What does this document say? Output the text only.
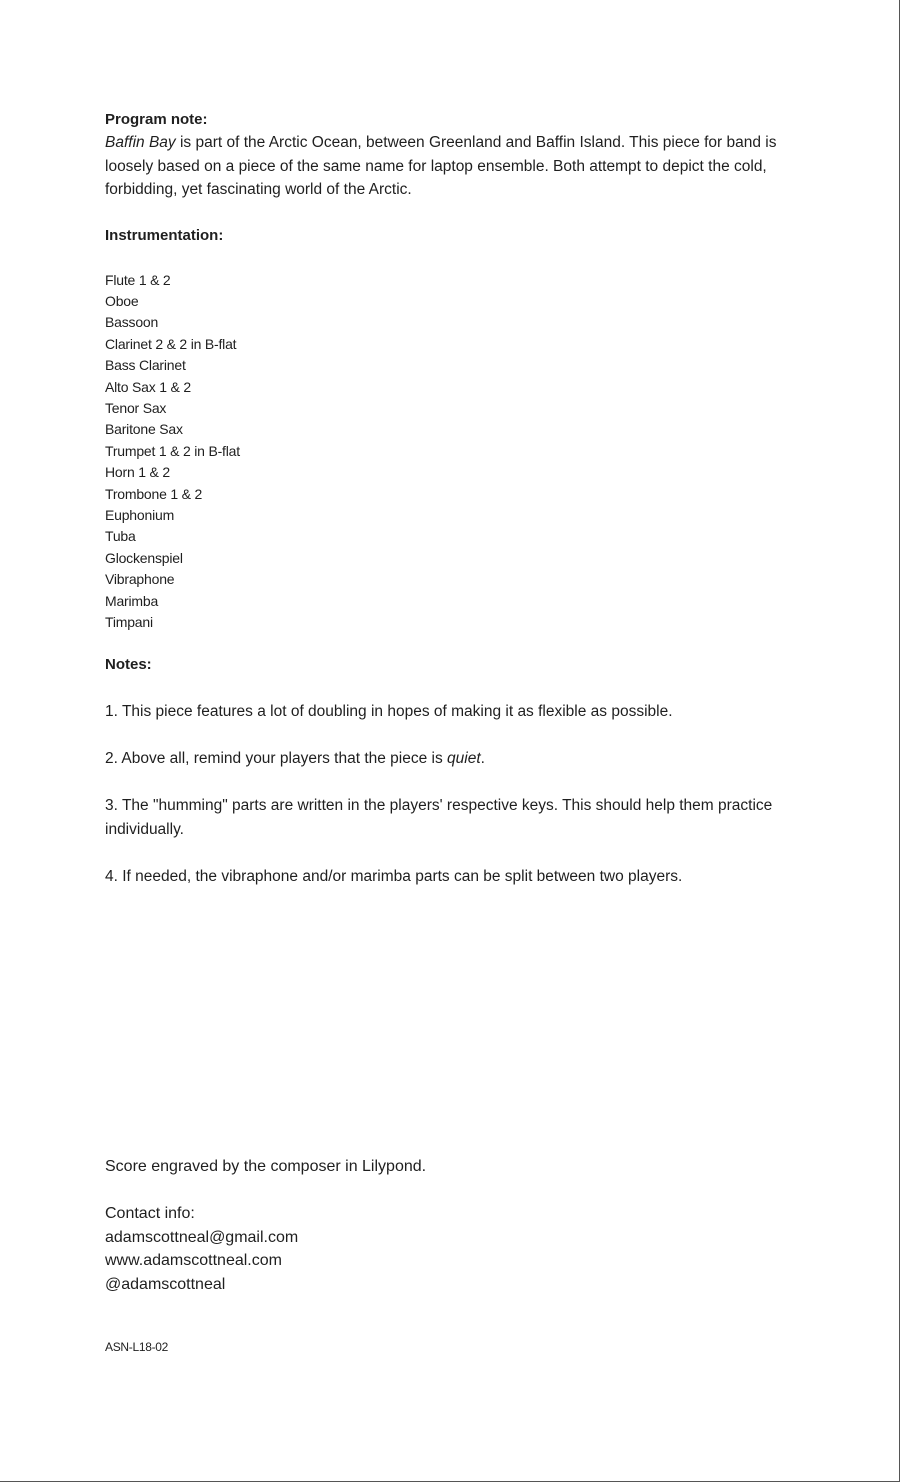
Program note:

Baffin Bay is part of the Arctic Ocean, between Greenland and Baffin Island. This piece for band is loosely based on a piece of the same name for laptop ensemble. Both attempt to depict the cold, forbidding, yet fascinating world of the Arctic.

Instrumentation:

Flute 1 & 2
Oboe
Bassoon
Clarinet 2 & 2 in B-flat
Bass Clarinet
Alto Sax 1 & 2
Tenor Sax
Baritone Sax
Trumpet 1 & 2 in B-flat
Horn 1 & 2
Trombone 1 & 2
Euphonium
Tuba
Glockenspiel
Vibraphone
Marimba
Timpani

Notes:

1. This piece features a lot of doubling in hopes of making it as flexible as possible.
2. Above all, remind your players that the piece is quiet.
3. The "humming" parts are written in the players' respective keys. This should help them practice individually.
4. If needed, the vibraphone and/or marimba parts can be split between two players.

Score engraved by the composer in Lilypond.

Contact info:

adamscottneal@gmail.com

www.adamscottneal.com

@adamscottneal

ASN-L18-02
